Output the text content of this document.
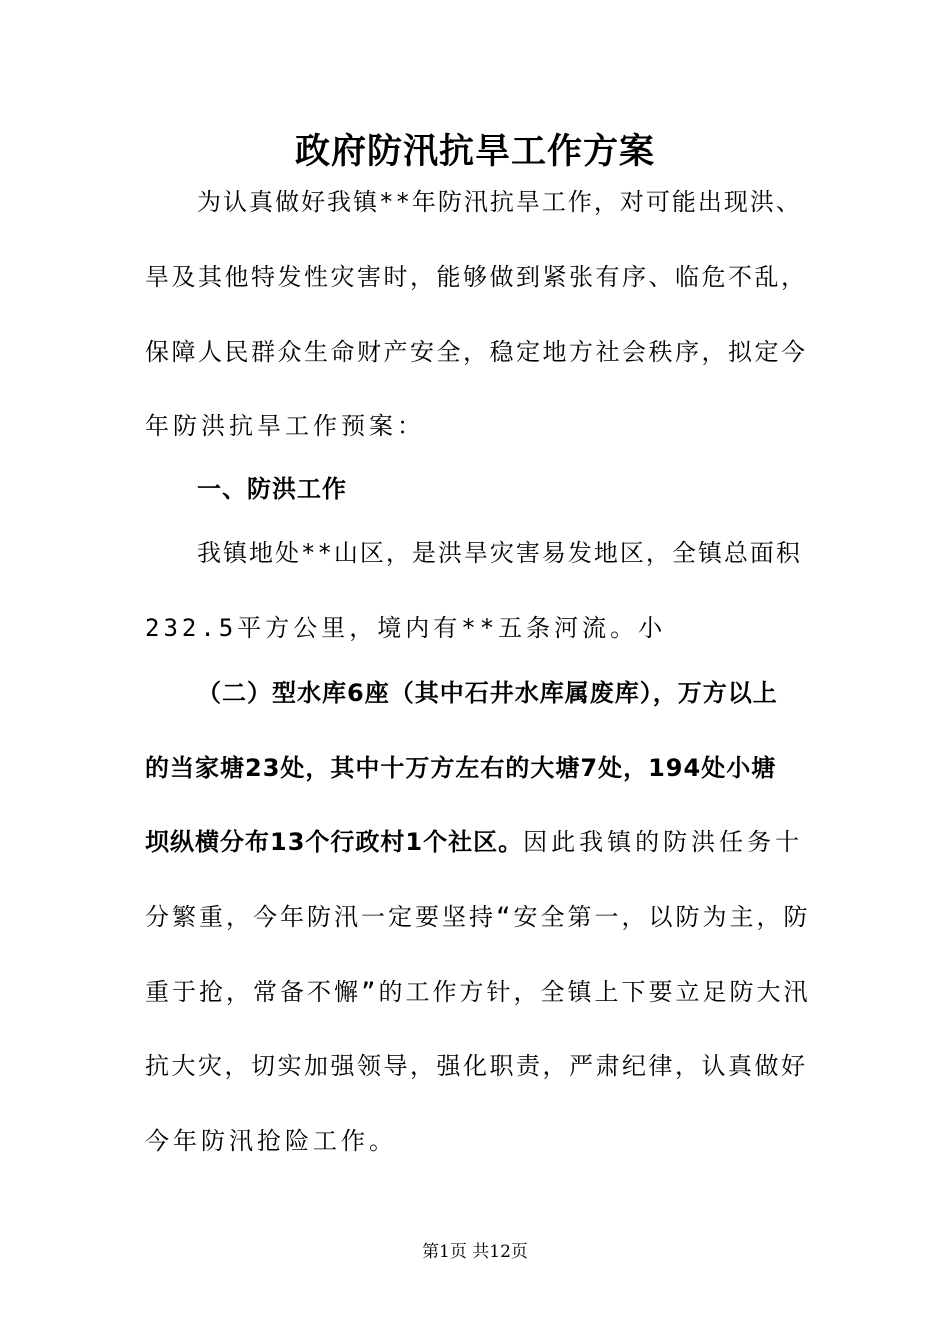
政府防汛抗旱工作方案
为认真做好我镇**年防汛抗旱工作，对可能出现洪、
旱及其他特发性灾害时，能够做到紧张有序、临危不乱，
保障人民群众生命财产安全，稳定地方社会秩序，拟定今
年防洪抗旱工作预案：
一、防洪工作
我镇地处**山区，是洪旱灾害易发地区，全镇总面积
232.5平方公里，境内有**五条河流。小
（二）型水库6座（其中石井水库属废库），万方以上
的当家塘23处，其中十万方左右的大塘7处，194处小塘
坝纵横分布13个行政村1个社区。因此我镇的防洪任务十
分繁重，今年防汛一定要坚持“安全第一，以防为主，防
重于抢，常备不懈”的工作方针，全镇上下要立足防大汛
抗大灾，切实加强领导，强化职责，严肃纪律，认真做好
今年防汛抢险工作。
第1页 共12页
